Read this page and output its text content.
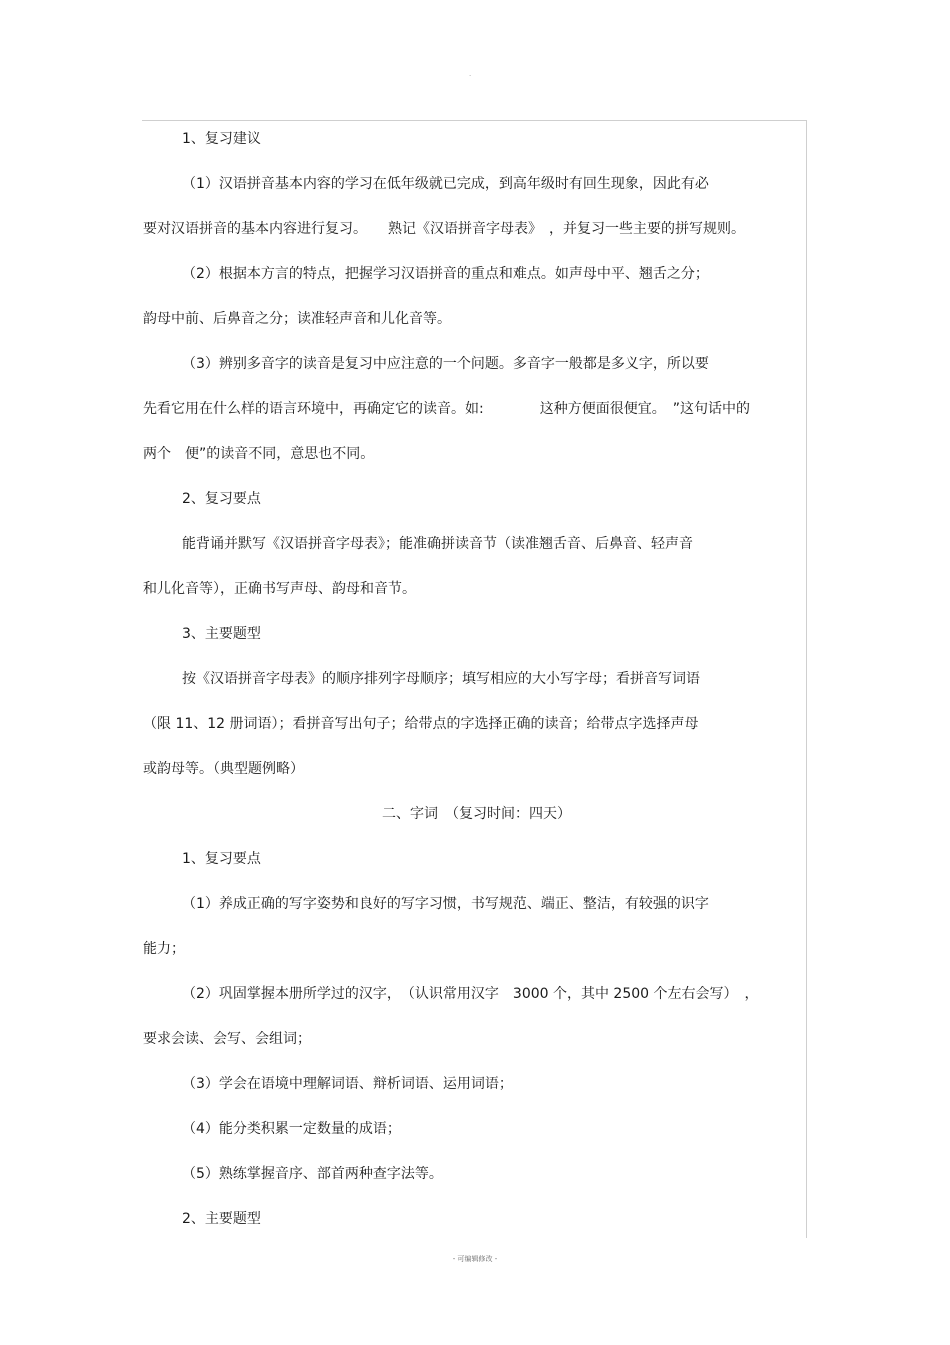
.
1、复习建议
（1）汉语拼音基本内容的学习在低年级就已完成，到高年级时有回生现象，因此有必
要对汉语拼音的基本内容进行复习。　　熟记《汉语拼音字母表》　，并复习一些主要的拼写规则。
（2）根据本方言的特点，把握学习汉语拼音的重点和难点。如声母中平、翘舌之分；
韵母中前、后鼻音之分；读准轻声音和儿化音等。
（3）辨别多音字的读音是复习中应注意的一个问题。多音字一般都是多义字，所以要
先看它用在什么样的语言环境中，再确定它的读音。如:　　　　这种方便面很便宜。　”这句话中的
两个　便”的读音不同，意思也不同。
2、复习要点
能背诵并默写《汉语拼音字母表》；能准确拼读音节（读准翘舌音、后鼻音、轻声音
和儿化音等），正确书写声母、韵母和音节。
3、主要题型
按《汉语拼音字母表》的顺序排列字母顺序；填写相应的大小写字母；看拼音写词语
（限 11、12 册词语）；看拼音写出句子；给带点的字选择正确的读音；给带点字选择声母
或韵母等。（典型题例略）
二、字词　（复习时间：四天）
1、复习要点
（1）养成正确的写字姿势和良好的写字习惯，书写规范、端正、整洁，有较强的识字
能力；
（2）巩固掌握本册所学过的汉字，　（认识常用汉字　3000 个，其中 2500 个左右会写）　，
要求会读、会写、会组词；
（3）学会在语境中理解词语、辩析词语、运用词语；
（4）能分类积累一定数量的成语；
（5）熟练掌握音序、部首两种查字法等。
2、主要题型
- 可编辑修改 -
